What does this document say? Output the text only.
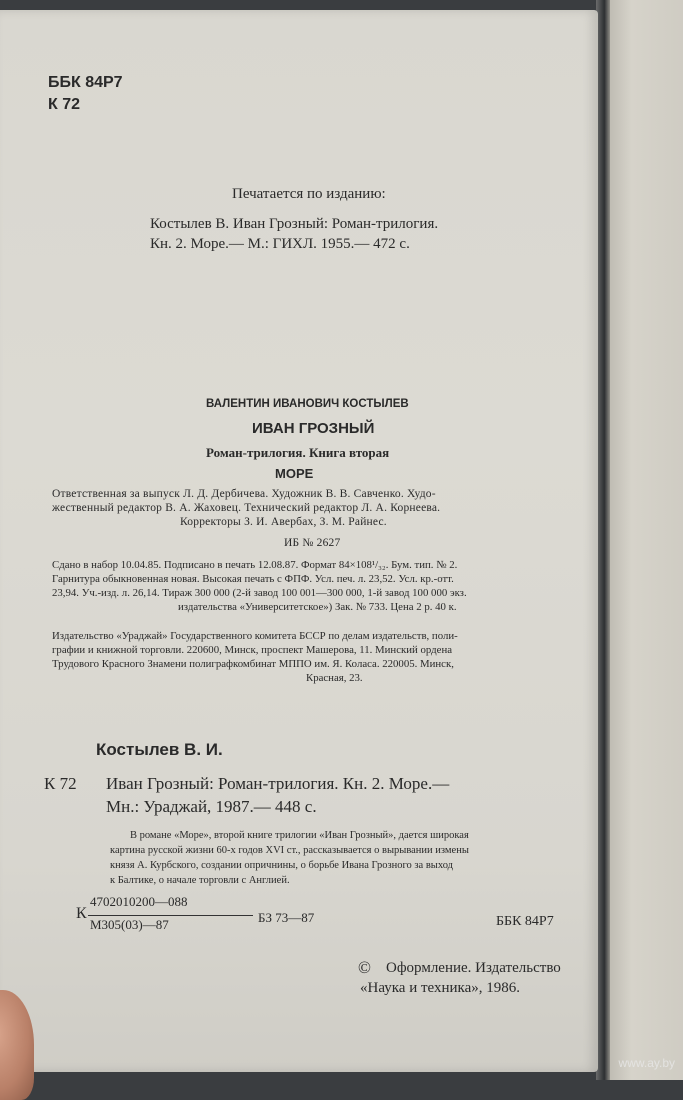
ББК 84Р7
К 72
Печатается по изданию:
Костылев В. Иван Грозный: Роман-трилогия.
Кн. 2. Море.— М.: ГИХЛ. 1955.— 472 с.
ВАЛЕНТИН ИВАНОВИЧ КОСТЫЛЕВ
ИВАН ГРОЗНЫЙ
Роман-трилогия. Книга вторая
МОРЕ
Ответственная за выпуск Л. Д. Дербичева. Художник В. В. Савченко. Худо-
жественный редактор В. А. Жаховец. Технический редактор Л. А. Корнеева.
Корректоры З. И. Авербах, З. М. Райнес.
ИБ № 2627
Сдано в набор 10.04.85. Подписано в печать 12.08.87. Формат 84×108¹/₃₂. Бум. тип. № 2.
Гарнитура обыкновенная новая. Высокая печать с ФПФ. Усл. печ. л. 23,52. Усл. кр.-отт.
23,94. Уч.-изд. л. 26,14. Тираж 300 000 (2-й завод 100 001—300 000, 1-й завод 100 000 экз.
издательства «Университетское») Зак. № 733. Цена 2 р. 40 к.
Издательство «Ураджай» Государственного комитета БССР по делам издательств, поли-
графии и книжной торговли. 220600, Минск, проспект Машерова, 11. Минский ордена
Трудового Красного Знамени полиграфкомбинат МППО им. Я. Коласа. 220005. Минск,
Красная, 23.
Костылев В. И.
К 72 Иван Грозный: Роман-трилогия. Кн. 2. Море.—
Мн.: Ураджай, 1987.— 448 с.
В романе «Море», второй книге трилогии «Иван Грозный», дается широкая
картина русской жизни 60-х годов XVI ст., рассказывается о вырывании измены
князя А. Курбского, создании опричнины, о борьбе Ивана Грозного за выход
к Балтике, о начале торговли с Англией.
К
4702010200—088
М305(03)—87	БЗ 73—87	ББК 84Р7
© Оформление. Издательство
«Наука и техника», 1986.
www.ay.by
